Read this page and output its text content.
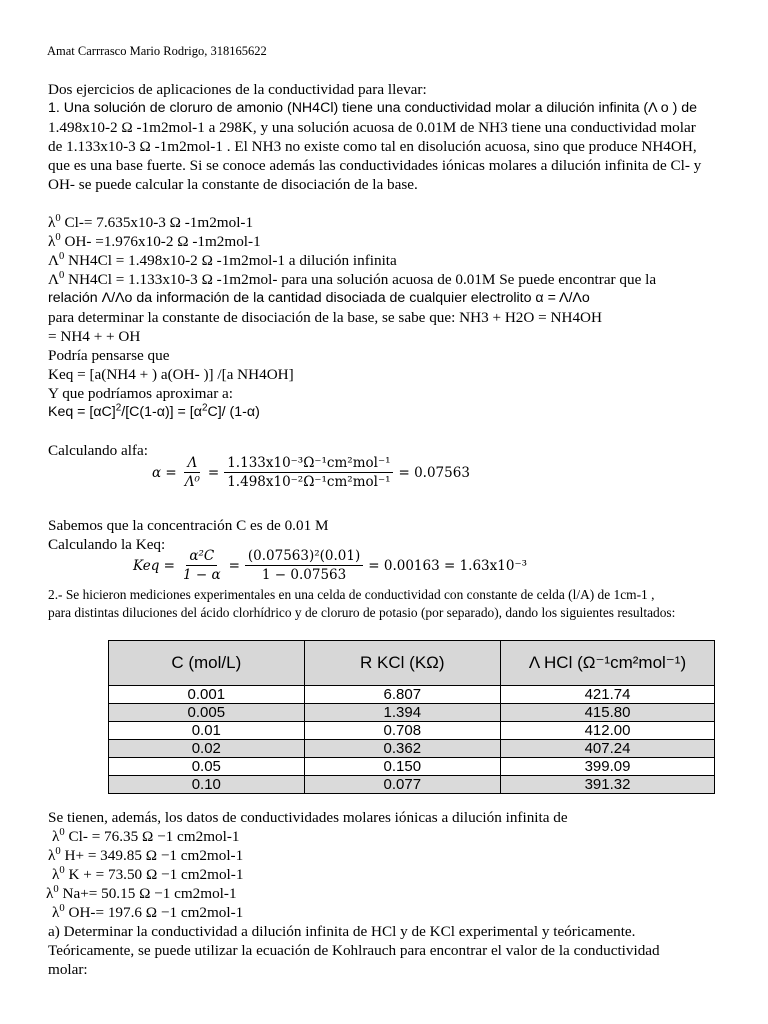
Amat Carrrasco Mario Rodrigo, 318165622
Dos ejercicios de aplicaciones de la conductividad para llevar:
1. Una solución de cloruro de amonio (NH4Cl) tiene una conductividad molar a dilución infinita (Λ o ) de
1.498x10-2 Ω -1m2mol-1 a 298K, y una solución acuosa de 0.01M de NH3 tiene una conductividad molar
de 1.133x10-3 Ω -1m2mol-1 . El NH3 no existe como tal en disolución acuosa, sino que produce NH4OH,
que es una base fuerte. Si se conoce además las conductividades iónicas molares a dilución infinita de Cl- y
OH- se puede calcular la constante de disociación de la base.
$\lambda^0$ Cl-= 7.635x10-3 Ω -1m2mol-1
$\lambda^0$ OH- =1.976x10-2 Ω -1m2mol-1
$\Lambda^0$ NH4Cl = 1.498x10-2 Ω -1m2mol-1 a dilución infinita
$\Lambda^0$ NH4Cl = 1.133x10-3 Ω -1m2mol- para una solución acuosa de 0.01M Se puede encontrar que la
relación Λ/Λo da información de la cantidad disociada de cualquier electrolito α = Λ/Λo
para determinar la constante de disociación de la base, se sabe que: NH3 + H2O = NH4OH
= NH4 + + OH
Podría pensarse que
Keq = [a(NH4 + ) a(OH- )] /[a NH4OH]
Y que podríamos aproximar a:
Keq = $[\alpha C]^2/[C(1-\alpha)] = [\alpha^2C]/$ (1-α)
Calculando alfa:
$\alpha = \frac{\Lambda}{\text{Λ⁰}} = \frac{\text{1.133x10⁻³Ω⁻¹cm²mol⁻¹}}{\text{1.498x10⁻²Ω⁻¹cm²mol⁻¹}} = 0.07563$
Sabemos que la concentración C es de 0.01 M
Calculando la Keq:
Keq = $\frac{\text{α²C}}{1 - \alpha} = \frac{\text{(0.07563)²(0.01)}}{1 - 0.07563} = 0.00163 = 1.63x10^{-3}$
2.- Se hicieron mediciones experimentales en una celda de conductividad con constante de celda (l/A) de 1cm-1 ,
para distintas diluciones del ácido clorhídrico y de cloruro de potasio (por separado), dando los siguientes resultados:
C (mol/L)	R KCl (KΩ)	Λ HCl (Ω⁻¹cm²mol⁻¹)
0.001	6.807	421.74
0.005	1.394	415.80
0.01	0.708	412.00
0.02	0.362	407.24
0.05	0.150	399.09
0.10	0.077	391.32
Se tienen, además, los datos de conductividades molares iónicas a dilución infinita de
$\lambda^0$ Cl- = 76.35 Ω −1 cm2mol-1
$\lambda^0$ H+ = 349.85 Ω −1 cm2mol-1
$\lambda^0$ K + = 73.50 Ω −1 cm2mol-1
$\lambda^0$ Na+= 50.15 Ω −1 cm2mol-1
$\lambda^0$ OH-= 197.6 Ω −1 cm2mol-1
a) Determinar la conductividad a dilución infinita de HCl y de KCl experimental y teóricamente.
Teóricamente, se puede utilizar la ecuación de Kohlrauch para encontrar el valor de la conductividad
molar:
